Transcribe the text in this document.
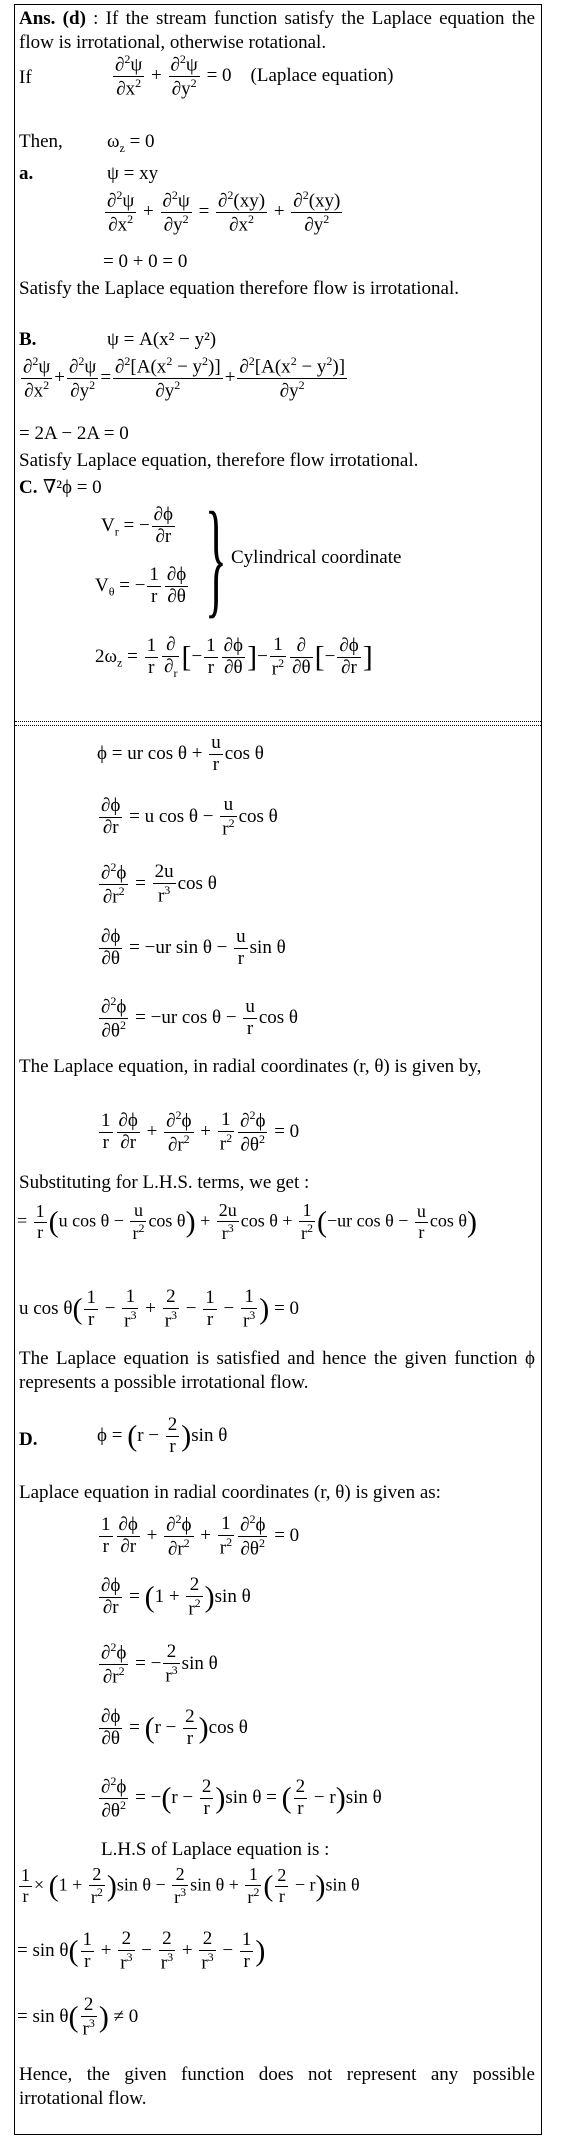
Ans. (d) : If the stream function satisfy the Laplace equation the flow is irrotational, otherwise rotational.
If	$\frac{\partial^2\psi}{\partial x^2} + \frac{\partial^2\psi}{\partial y^2} = 0$    (Laplace equation)
Then, $\omega_z = 0$
a.	ψ = xy
$\frac{\partial^2\psi}{\partial x^2} + \frac{\partial^2\psi}{\partial y^2} = \frac{\partial^2(xy)}{\partial x^2} + \frac{\partial^2(xy)}{\partial y^2}$
= 0 + 0 = 0
Satisfy the Laplace equation therefore flow is irrotational.
B.	ψ = A(x² − y²)
$\frac{\partial^2\psi}{\partial x^2} + \frac{\partial^2\psi}{\partial y^2} = \frac{\partial^2[A(x^2 - y^2)]}{\partial y^2} + \frac{\partial^2[A(x^2 - y^2)]}{\partial y^2}$
= 2A − 2A = 0
Satisfy Laplace equation, therefore flow irrotational.
C. ∇²ϕ = 0
$V_r$ = − $\frac{\partial\phi}{\partial r}$
$V_\theta$ = − $\frac{1}{r} \frac{\partial\phi}{\partial\theta}$ } Cylindrical coordinate
$2\omega_z = \frac{1}{r} \frac{\partial}{\partial_r}$ [− $\frac{1}{r} \frac{\partial\phi}{\partial\theta}$ ]− $\frac{1}{r^2} \frac{\partial}{\partial\theta}$ [− $\frac{\partial\phi}{\partial r}$ ]
ϕ = ur $\cos \theta + \frac{u}{r}$ cos θ
$\frac{\partial\phi}{\partial r} = u$ $\cos \theta - \frac{u}{r^2}$ cos θ
$\frac{\partial^2\phi}{\partial r^2} = \frac{2u}{r^3}$ cos θ
$\frac{\partial\phi}{\partial\theta} = -ur$ $\sin \theta - \frac{u}{r}$ sin θ
$\frac{\partial^2\phi}{\partial\theta^2} = -ur$ $\cos \theta - \frac{u}{r}$ cos θ
The Laplace equation, in radial coordinates (r, θ) is given by,
$\frac{1}{r} \frac{\partial\phi}{\partial r} + \frac{\partial^2\phi}{\partial r^2} + \frac{1}{r^2} \frac{\partial^2\phi}{\partial\theta^2} = 0$
Substituting for L.H.S. terms, we get :
= $\frac{1}{r} (u$ $\cos \theta - \frac{u}{r^2}$ $\cos \theta) + \frac{2u}{r^3}$ $\cos \theta + \frac{1}{r^2} (-ur$ $\cos \theta - \frac{u}{r}$ cos θ)
u $\cos \theta( \frac{1}{r} - \frac{1}{r^3} + \frac{2}{r^3} - \frac{1}{r} - \frac{1}{r^3}$ ) = 0
The Laplace equation is satisfied and hence the given function ϕ represents a possible irrotational flow.
D.	$\phi = (r - \frac{2}{r} )\sin$ θ
Laplace equation in radial coordinates (r, θ) is given as:
$\frac{1}{r} \frac{\partial\phi}{\partial r} + \frac{\partial^2\phi}{\partial r^2} + \frac{1}{r^2} \frac{\partial^2\phi}{\partial\theta^2} = 0$
$\frac{\partial\phi}{\partial r} = (1 + \frac{2}{r^2} )\sin$ θ
$\frac{\partial^2\phi}{\partial r^2}$ = − $\frac{2}{r^3}$ sin θ
$\frac{\partial\phi}{\partial\theta} = (r - \frac{2}{r} )\cos$ θ
$\frac{\partial^2\phi}{\partial\theta^2} = -(r - \frac{2}{r} )\sin$ θ = ( $\frac{2}{r} - r)\sin$ θ
L.H.S of Laplace equation is :
$\frac{1}{r} \times (1 + \frac{2}{r^2} )\sin$ $\theta - \frac{2}{r^3}$ $\sin \theta + \frac{1}{r^2}$ ( $\frac{2}{r} - r)\sin$ θ
= $\sin \theta( \frac{1}{r} + \frac{2}{r^3} - \frac{2}{r^3} + \frac{2}{r^3} - \frac{1}{r}$ )
= $\sin \theta( \frac{2}{r^3}$ ) ≠ 0
Hence, the given function does not represent any possible irrotational flow.
